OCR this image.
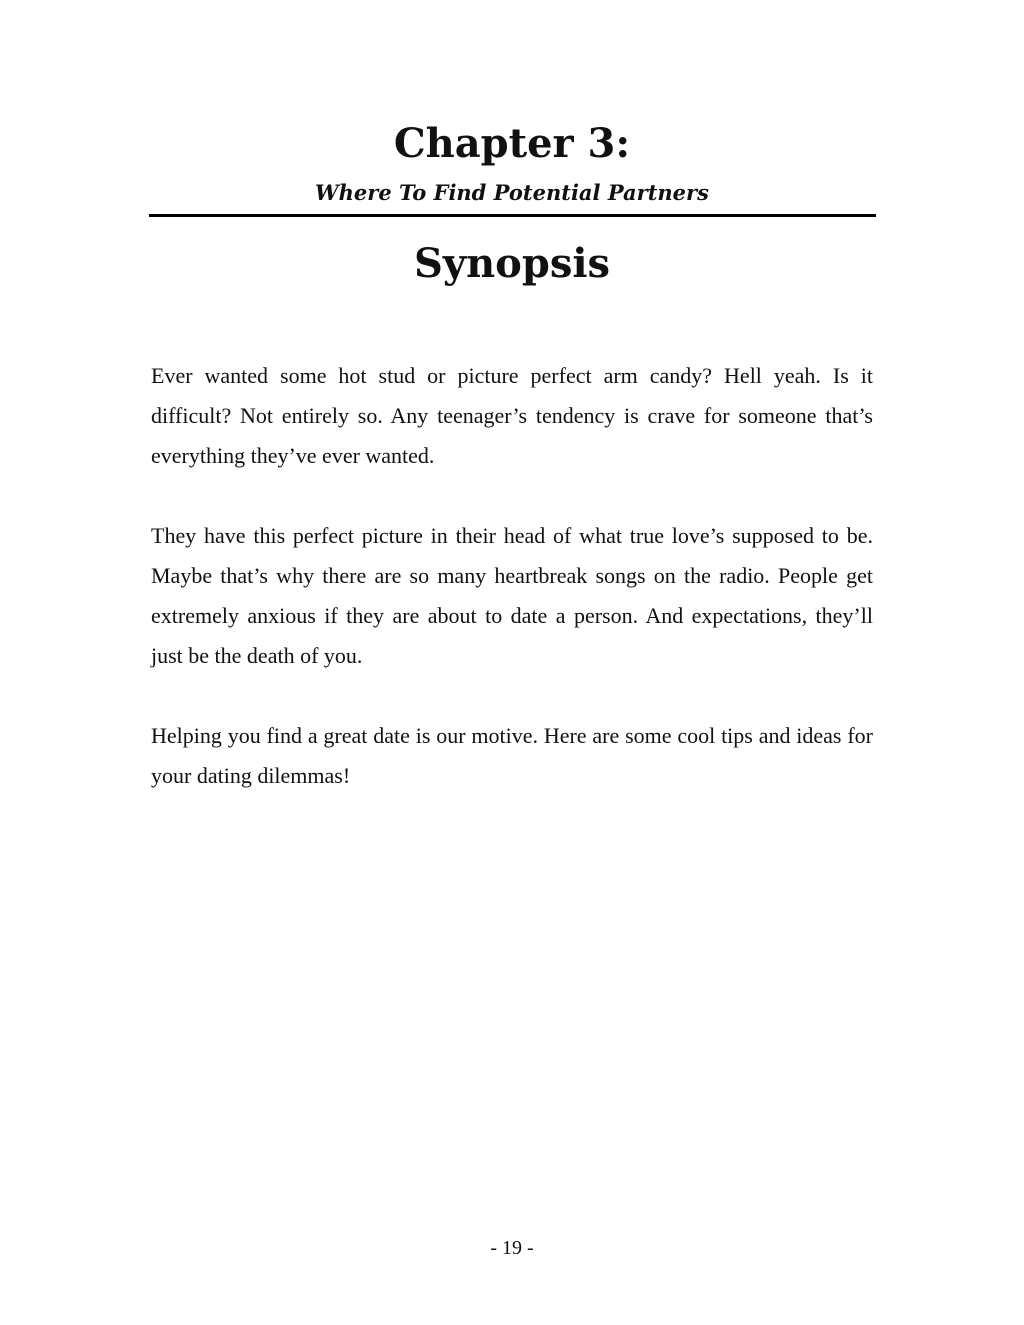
Chapter 3:
Where To Find Potential Partners
Synopsis

Ever wanted some hot stud or picture perfect arm candy? Hell yeah. Is it difficult? Not entirely so. Any teenager’s tendency is crave for someone that’s everything they’ve ever wanted.

They have this perfect picture in their head of what true love’s supposed to be. Maybe that’s why there are so many heartbreak songs on the radio. People get extremely anxious if they are about to date a person. And expectations, they’ll just be the death of you.

Helping you find a great date is our motive. Here are some cool tips and ideas for your dating dilemmas!

- 19 -
